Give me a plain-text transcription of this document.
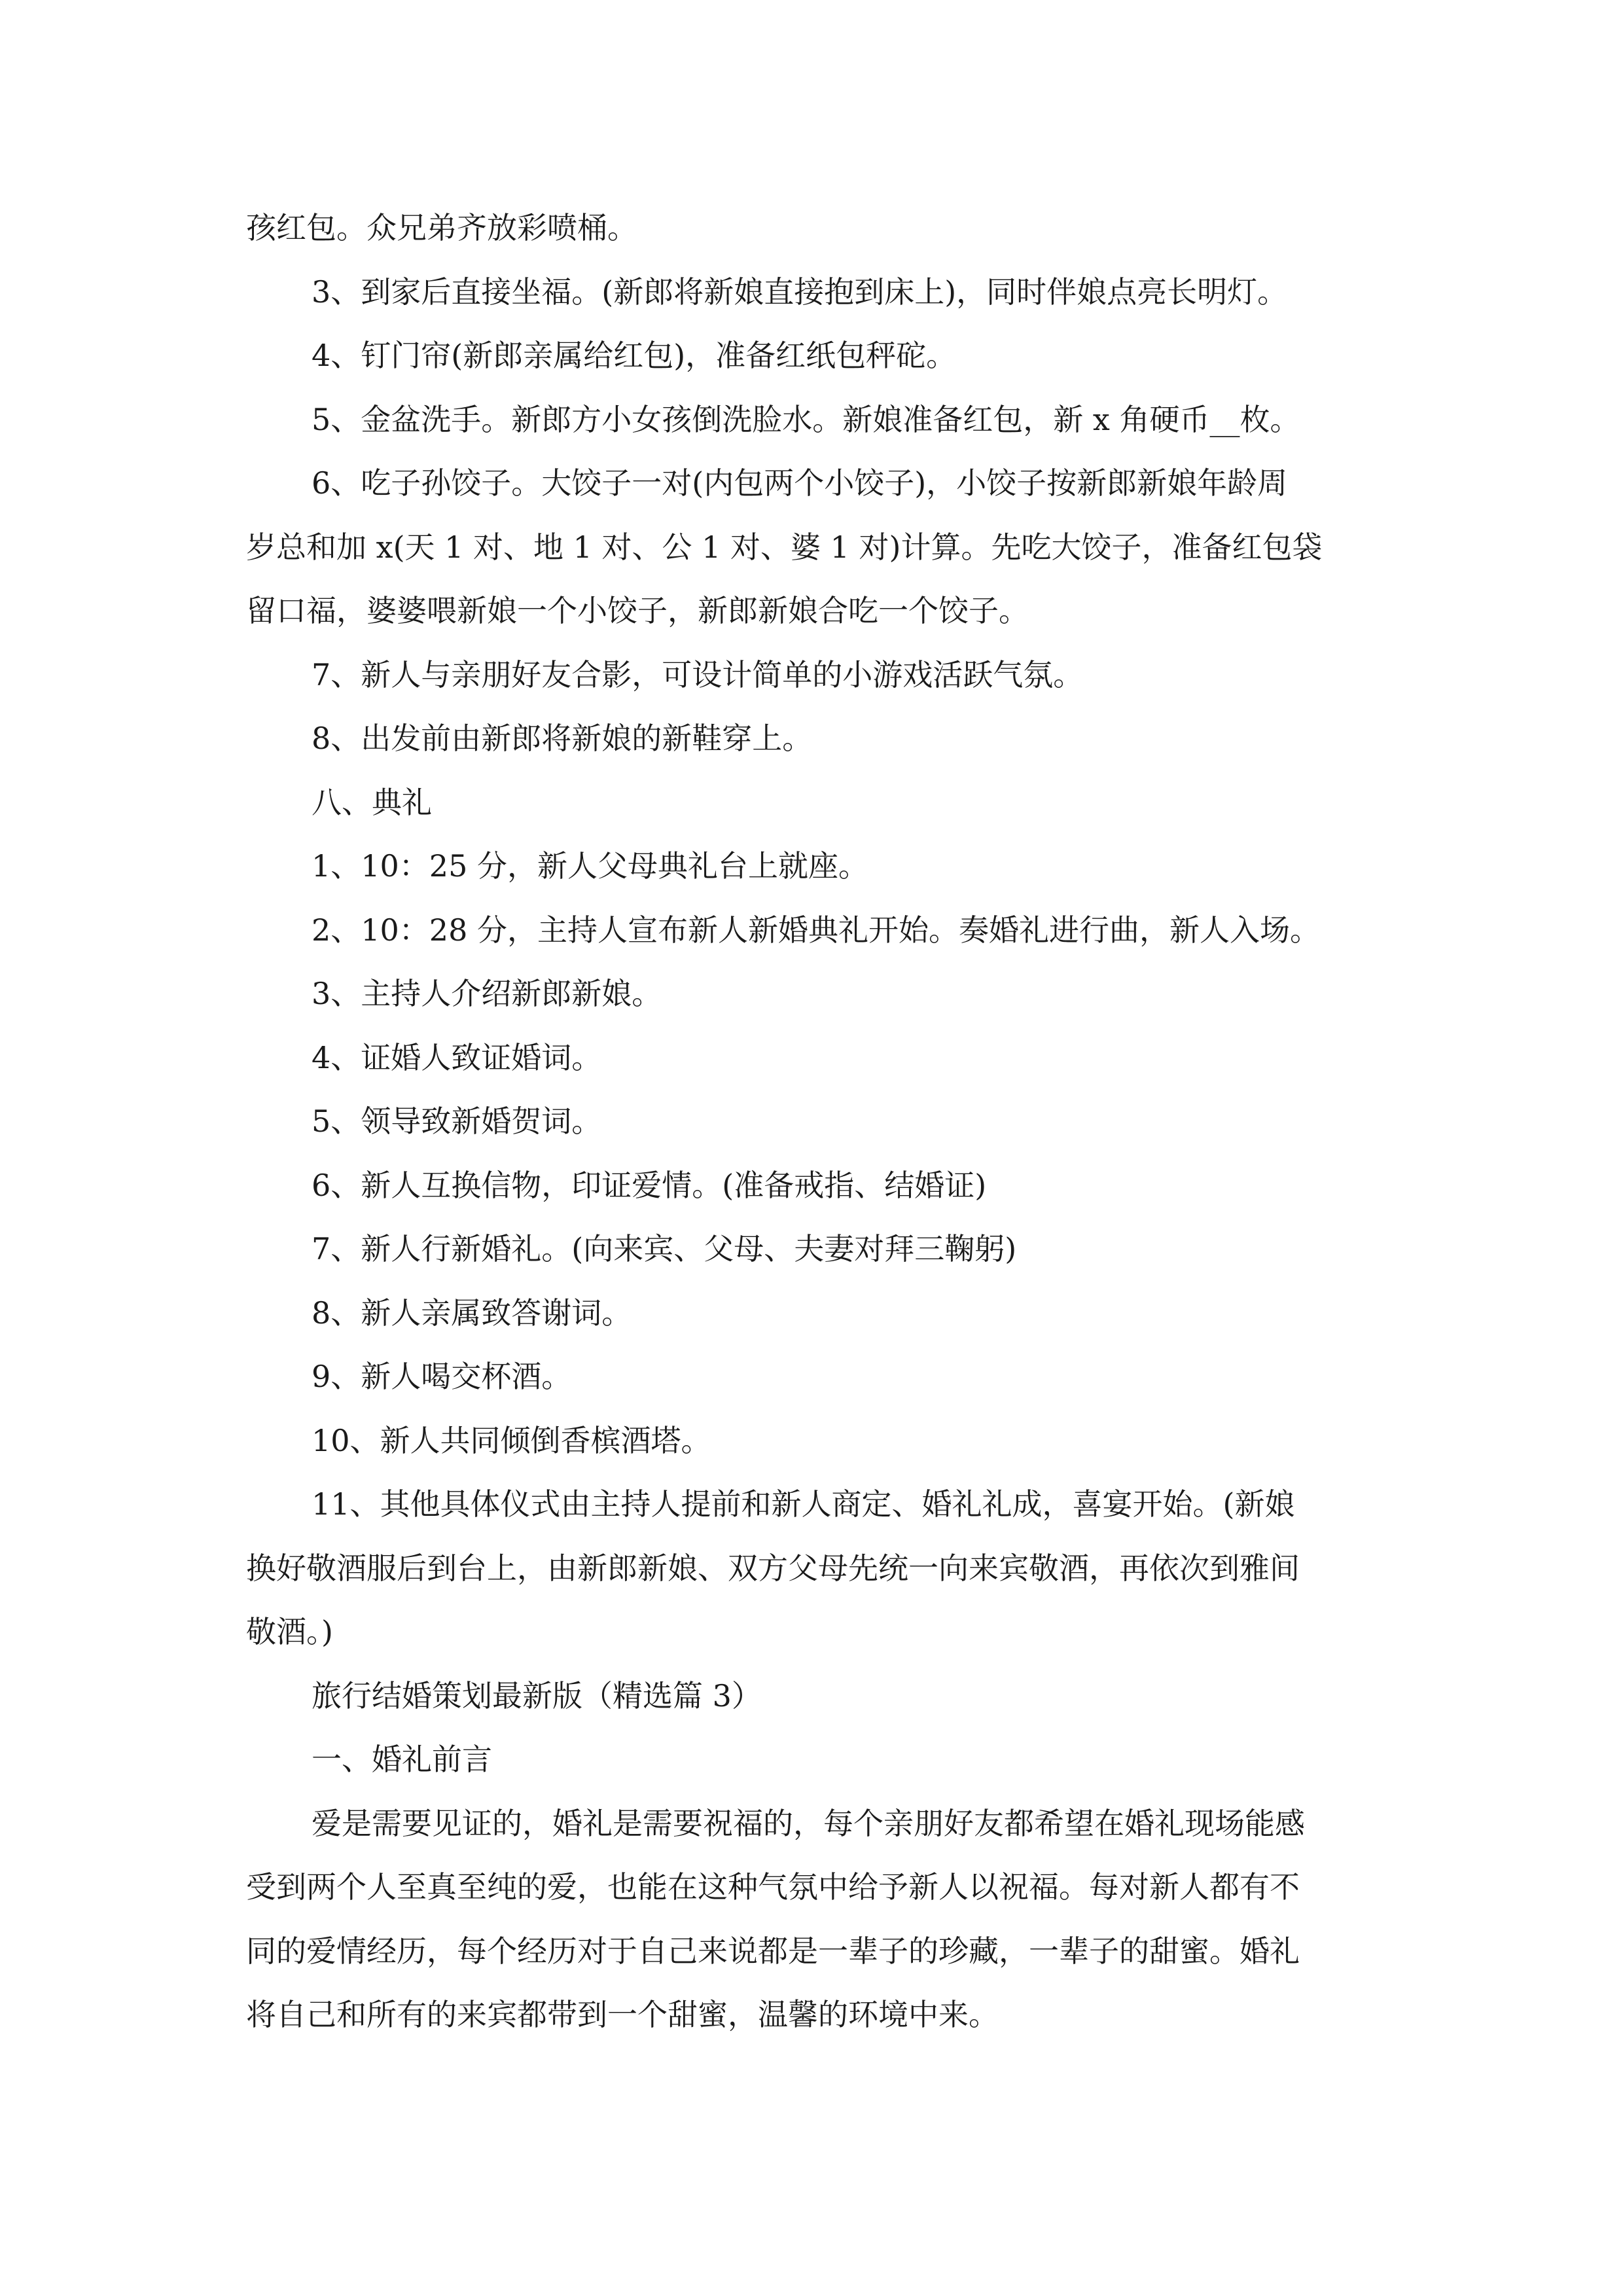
孩红包。众兄弟齐放彩喷桶。

3、到家后直接坐福。(新郎将新娘直接抱到床上)，同时伴娘点亮长明灯。

4、钉门帘(新郎亲属给红包)，准备红纸包秤砣。

5、金盆洗手。新郎方小女孩倒洗脸水。新娘准备红包，新 x 角硬币__枚。

6、吃子孙饺子。大饺子一对(内包两个小饺子)，小饺子按新郎新娘年龄周

岁总和加 x(天 1 对、地 1 对、公 1 对、婆 1 对)计算。先吃大饺子，准备红包袋

留口福，婆婆喂新娘一个小饺子，新郎新娘合吃一个饺子。

7、新人与亲朋好友合影，可设计简单的小游戏活跃气氛。

8、出发前由新郎将新娘的新鞋穿上。

八、典礼

1、10：25 分，新人父母典礼台上就座。

2、10：28 分，主持人宣布新人新婚典礼开始。奏婚礼进行曲，新人入场。

3、主持人介绍新郎新娘。

4、证婚人致证婚词。

5、领导致新婚贺词。

6、新人互换信物，印证爱情。(准备戒指、结婚证)

7、新人行新婚礼。(向来宾、父母、夫妻对拜三鞠躬)

8、新人亲属致答谢词。

9、新人喝交杯酒。

10、新人共同倾倒香槟酒塔。

11、其他具体仪式由主持人提前和新人商定、婚礼礼成，喜宴开始。(新娘

换好敬酒服后到台上，由新郎新娘、双方父母先统一向来宾敬酒，再依次到雅间

敬酒。)

旅行结婚策划最新版（精选篇 3）

一、婚礼前言

爱是需要见证的，婚礼是需要祝福的，每个亲朋好友都希望在婚礼现场能感

受到两个人至真至纯的爱，也能在这种气氛中给予新人以祝福。每对新人都有不

同的爱情经历，每个经历对于自己来说都是一辈子的珍藏，一辈子的甜蜜。婚礼

将自己和所有的来宾都带到一个甜蜜，温馨的环境中来。
